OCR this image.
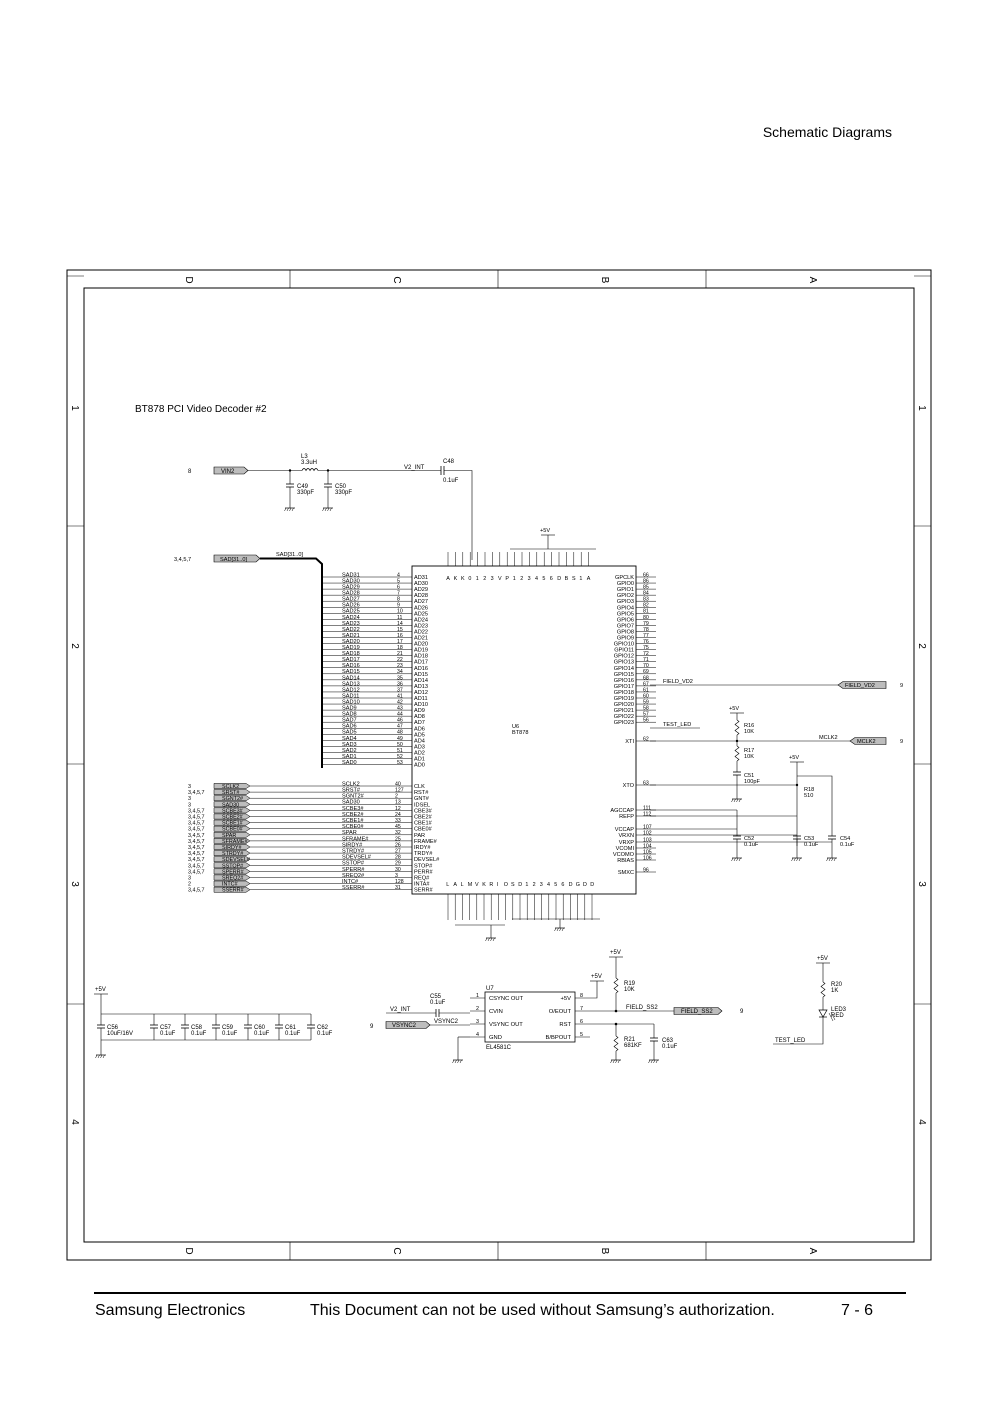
Schematic Diagrams
D
D
C
C
B
B
A
A
1	1
2	2
3	3
4	4
BT878 PCI Video Decoder #2
8	VIN2
L3
3.3uH
V2_INT
C48
0.1uF
C49
330pF
C50
330pF
U6
BT878
+5V
A K K 0 1 2 3 V P 1 2 3 4 5 6 D B S 1 A
3,4,5,7	SAD[31..0]
SAD[31..0]
SAD31	4	AD31
SAD30	5	AD30
SAD29	6	AD29
SAD28	7	AD28
SAD27	8	AD27
SAD26	9	AD26
SAD25	10 AD25
SAD24	11 AD24
SAD23	14 AD23
SAD22	15 AD22
SAD21	16 AD21
SAD20	17 AD20
SAD19	18 AD19
SAD18	21 AD18
SAD17	22 AD17
SAD16	23 AD16
SAD15	34 AD15
SAD14	35 AD14
SAD13	36 AD13
SAD12	37 AD12
SAD11	41 AD11
SAD10	42 AD10
SAD9	43 AD9
SAD8	44 AD8
SAD7	46 AD7
SAD6	47 AD6
SAD5	48 AD5
SAD4	49 AD4
SAD3	50 AD3
SAD2	51 AD2
SAD1	52 AD1
SAD0	53 AD0
3	SCLK2	SCLK2	40 CLK
3,4,5,7	SRST#	SRST#	127 RST#
3	SGNT2#	SGNT2#	2	GNT#
3	SAD30	SAD30	13 IDSEL
3,4,5,7	SCBE3#	SCBE3#	12 CBE3#
3,4,5,7	SCBE2#	SCBE2#	24 CBE2#
3,4,5,7	SCBE1#	SCBE1#	33 CBE1#
3,4,5,7	SCBE0#	SCBE0#	45 CBE0#
3,4,5,7	SPAR	SPAR	32 PAR
3,4,5,7	SFRAME#	SFRAME#	25 FRAME#
3,4,5,7	SIRDY#	SIRDY#	26 IRDY#
3,4,5,7	STRDY#	STRDY#	27 TRDY#
3,4,5,7	SDEVSEL#	SDEVSEL#	28 DEVSEL#
3,4,5,7	SSTOP#	SSTOP#	29 STOP#
3,4,5,7	SPERR#	SPERR#	30 PERR#
3	SREQ2#	SREQ2#	3	REQ#
2	INTC#	INTC#	128 INTA#
3,4,5,7	SSERR#	SSERR#	31 SERR#
GPCLK 66
GPIO0 86
GPIO1 85
GPIO2 84
GPIO3 83
GPIO4 82
GPIO5 81
GPIO6 80
GPIO7 79
GPIO8 78
GPIO9 77
GPIO10 76
GPIO11 75
GPIO12 72
GPIO13 71
GPIO14 70
GPIO15 69
GPIO16 68
GPIO17 67
GPIO18 61
GPIO19 60
GPIO20 59
GPIO21 58
GPIO22 57
GPIO23 56
XTI 62
XTO 63
AGCCAP 111
REFP 112
VCCAP 107
VRXN 102
VRXP 103
VCOMI 104
VCOMO 105
RBIAS 106
SMXC 96
L A L M V K R I O S D 1 2 3 4 5 6 D G D D
FIELD_VD2
FIELD_VD2	9
TEST_LED
MCLK2
MCLK2	9
+5V
R16
10K
R17
10K
C51
100pF
+5V
R18
510
C52
0.1uF
C53
0.1uF
C54
0.1uF
+5V
C56
10uF/16V
C57
0.1uF
C58
0.1uF
C59
0.1uF
C60
0.1uF
C61
0.1uF
C62
0.1uF
U7
EL4581C
1 CSYNC OUT
2 CVIN
3 VSYNC OUT
4 GND
8
+5V
7
O/EOUT
6
RST
5
B/BPOUT
C55
0.1uF
V2_INT
9	VSYNC2
VSYNC2
+5V
+5V
R19
10K
FIELD_SS2
FIELD_SS2	9
R21
681KF
C63
0.1uF
+5V
R20
1K
LED3
RED
TEST_LED
Samsung Electronics	This Document can not be used without Samsung’s authorization.	7 - 6
